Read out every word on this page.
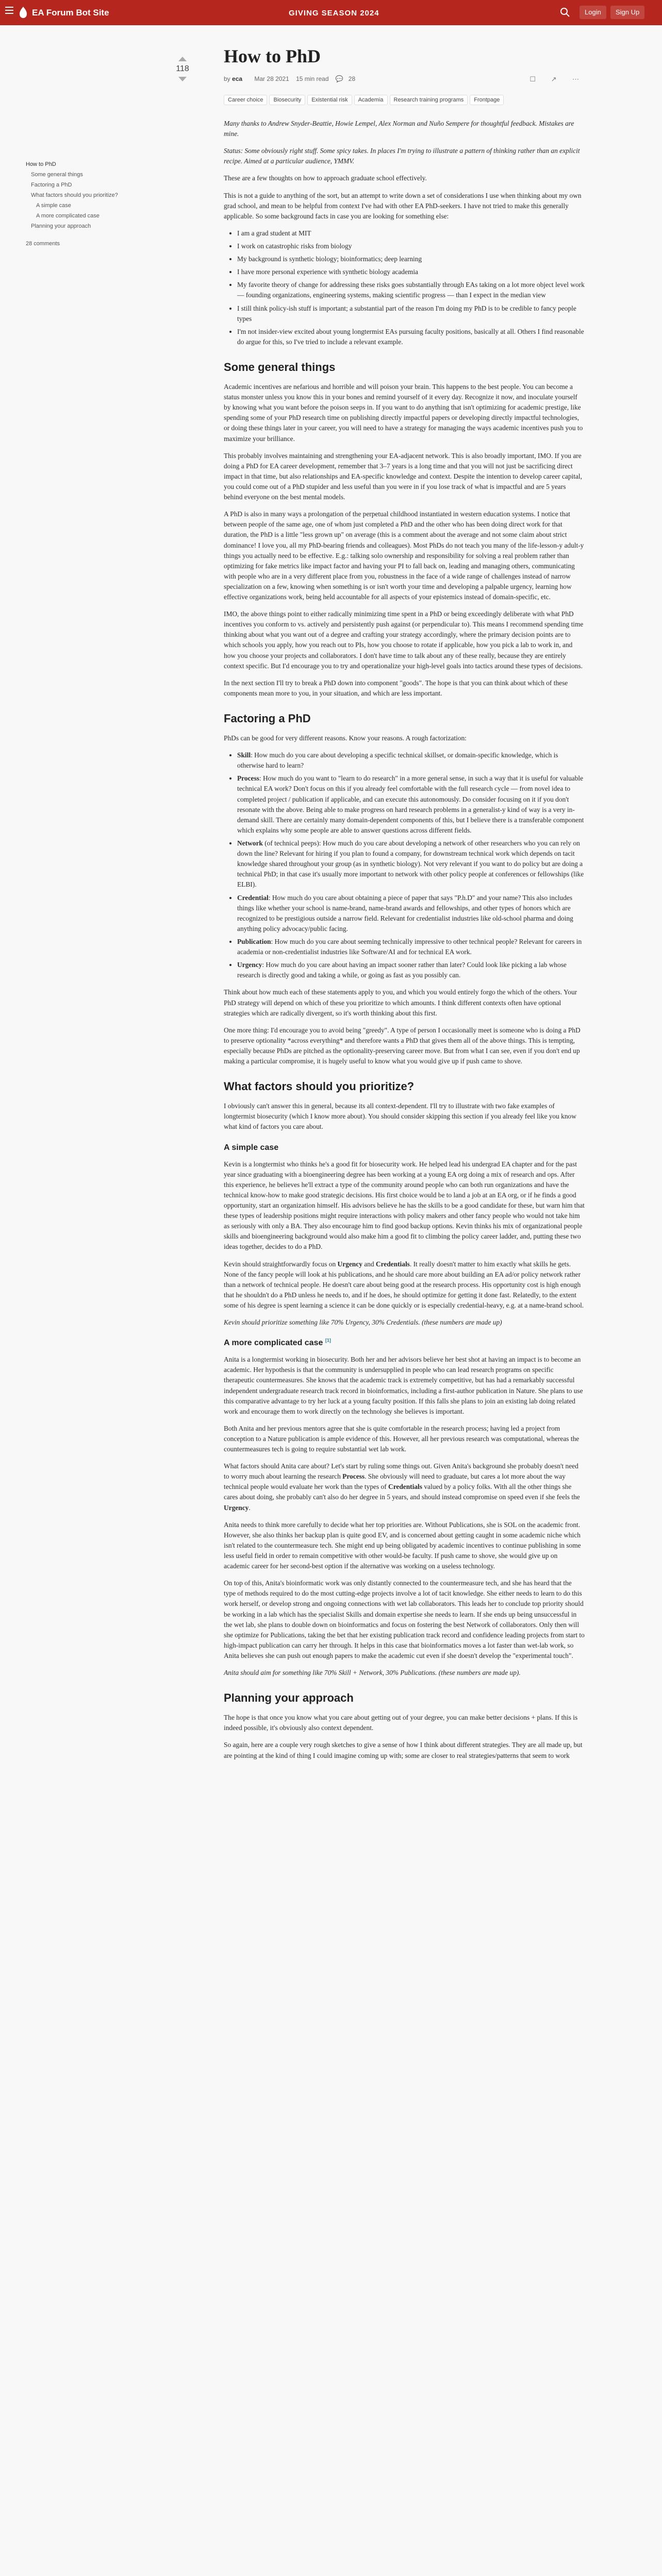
EA Forum Bot Site	GIVING SEASON 2024	Login	Sign Up
How to PhD
Some general things
Factoring a PhD
What factors should you prioritize?
A simple case
A more complicated case
Planning your approach
28 comments
118
How to PhD
by eca Mar 28 2021 15 min read 💬 28	☐ ↗ ⋯
Career choice Biosecurity Existential risk Academia Research training programs Frontpage

Many thanks to Andrew Snyder-Beattie, Howie Lempel, Alex Norman and Nuño Sempere for thoughtful feedback. Mistakes are mine.

Status: Some obviously right stuff. Some spicy takes. In places I'm trying to illustrate a pattern of thinking rather than an explicit recipe. Aimed at a particular audience, YMMV.

These are a few thoughts on how to approach graduate school effectively.

This is not a guide to anything of the sort, but an attempt to write down a set of considerations I use when thinking about my own grad school, and mean to be helpful from context I've had with other EA PhD-seekers. I have not tried to make this generally applicable. So some background facts in case you are looking for something else:

• I am a grad student at MIT
• I work on catastrophic risks from biology
• My background is synthetic biology; bioinformatics; deep learning
• I have more personal experience with synthetic biology academia
• My favorite theory of change for addressing these risks goes substantially through EAs taking on a lot more object level work — founding organizations, engineering systems, making scientific progress — than I expect in the median view
• I still think policy-ish stuff is important; a substantial part of the reason I'm doing my PhD is to be credible to fancy people types
• I'm not insider-view excited about young longtermist EAs pursuing faculty positions, basically at all. Others I find reasonable do argue for this, so I've tried to include a relevant example.
Some general things

Academic incentives are nefarious and horrible and will poison your brain. This happens to the best people. You can become a status monster unless you know this in your bones and remind yourself of it every day. Recognize it now, and inoculate yourself by knowing what you want before the poison seeps in. If you want to do anything that isn't optimizing for academic prestige, like spending some of your PhD research time on publishing directly impactful papers or developing directly impactful technologies, or doing these things later in your career, you will need to have a strategy for managing the ways academic incentives push you to maximize your brilliance.

This probably involves maintaining and strengthening your EA-adjacent network. This is also broadly important, IMO. If you are doing a PhD for EA career development, remember that 3–7 years is a long time and that you will not just be sacrificing direct impact in that time, but also relationships and EA-specific knowledge and context. Despite the intention to develop career capital, you could come out of a PhD stupider and less useful than you were in if you lose track of what is impactful and are 5 years behind everyone on the best mental models.

A PhD is also in many ways a prolongation of the perpetual childhood instantiated in western education systems. I notice that between people of the same age, one of whom just completed a PhD and the other who has been doing direct work for that duration, the PhD is a little "less grown up" on average (this is a comment about the average and not some claim about strict dominance! I love you, all my PhD-bearing friends and colleagues). Most PhDs do not teach you many of the life-lesson-y adult-y things you actually need to be effective. E.g.: talking solo ownership and responsibility for solving a real problem rather than optimizing for fake metrics like impact factor and having your PI to fall back on, leading and managing others, communicating with people who are in a very different place from you, robustness in the face of a wide range of challenges instead of narrow specialization on a few, knowing when something is or isn't worth your time and developing a palpable urgency, learning how effective organizations work, being held accountable for all aspects of your epistemics instead of domain-specific, etc.

IMO, the above things point to either radically minimizing time spent in a PhD or being exceedingly deliberate with what PhD incentives you conform to vs. actively and persistently push against (or perpendicular to). This means I recommend spending time thinking about what you want out of a degree and crafting your strategy accordingly, where the primary decision points are to which schools you apply, how you reach out to PIs, how you choose to rotate if applicable, how you pick a lab to work in, and how you choose your projects and collaborators. I don't have time to talk about any of these really, because they are entirely context specific. But I'd encourage you to try and operationalize your high-level goals into tactics around these types of decisions.

In the next section I'll try to break a PhD down into component "goods". The hope is that you can think about which of these components mean more to you, in your situation, and which are less important.

Factoring a PhD

PhDs can be good for very different reasons. Know your reasons. A rough factorization:

• Skill: How much do you care about developing a specific technical skillset, or domain-specific knowledge, which is otherwise hard to learn?
• Process: How much do you want to "learn to do research" in a more general sense, in such a way that it is useful for valuable technical EA work? Don't focus on this if you already feel comfortable with the full research cycle — from novel idea to completed project / publication if applicable, and can execute this autonomously. Do consider focusing on it if you don't resonate with the above. Being able to make progress on hard research problems in a generalist-y kind of way is a very in-demand skill. There are certainly many domain-dependent components of this, but I believe there is a transferable component which explains why some people are able to answer questions across different fields.
• Network (of technical peeps): How much do you care about developing a network of other researchers who you can rely on down the line? Relevant for hiring if you plan to found a company, for downstream technical work which depends on tacit knowledge shared throughout your group (as in synthetic biology). Not very relevant if you want to do policy but are doing a technical PhD; in that case it's usually more important to network with other policy people at conferences or fellowships (like ELBI).
• Credential: How much do you care about obtaining a piece of paper that says "P.h.D" and your name? This also includes things like whether your school is name-brand, name-brand awards and fellowships, and other types of honors which are recognized to be prestigious outside a narrow field. Relevant for credentialist industries like old-school pharma and doing anything policy advocacy/public facing.
• Publication: How much do you care about seeming technically impressive to other technical people? Relevant for careers in academia or non-credentialist industries like Software/AI and for technical EA work.
• Urgency: How much do you care about having an impact sooner rather than later? Could look like picking a lab whose research is directly good and taking a while, or going as fast as you possibly can.

Think about how much each of these statements apply to you, and which you would entirely forgo the which of the others. Your PhD strategy will depend on which of these you prioritize to which amounts. I think different contexts often have optional strategies which are radically divergent, so it's worth thinking about this first.

One more thing: I'd encourage you to avoid being "greedy". A type of person I occasionally meet is someone who is doing a PhD to preserve optionality *across everything* and therefore wants a PhD that gives them all of the above things. This is tempting, especially because PhDs are pitched as the optionality-preserving career move. But from what I can see, even if you don't end up making a particular compromise, it is hugely useful to know what you would give up if push came to shove.

What factors should you prioritize?

I obviously can't answer this in general, because its all context-dependent. I'll try to illustrate with two fake examples of longtermist biosecurity (which I know more about). You should consider skipping this section if you already feel like you know what kind of factors you care about.

A simple case

Kevin is a longtermist who thinks he's a good fit for biosecurity work. He helped lead his undergrad EA chapter and for the past year since graduating with a bioengineering degree has been working at a young EA org doing a mix of research and ops. After this experience, he believes he'll extract a type of the community around people who can both run organizations and have the technical know-how to make good strategic decisions. His first choice would be to land a job at an EA org, or if he finds a good opportunity, start an organization himself. His advisors believe he has the skills to be a good candidate for these, but warn him that these types of leadership positions might require interactions with policy makers and other fancy people who would not take him as seriously with only a BA. They also encourage him to find good backup options. Kevin thinks his mix of organizational people skills and bioengineering background would also make him a good fit to climbing the policy career ladder, and, putting these two ideas together, decides to do a PhD.

Kevin should straightforwardly focus on Urgency and Credentials. It really doesn't matter to him exactly what skills he gets. None of the fancy people will look at his publications, and he should care more about building an EA ad/or policy network rather than a network of technical people. He doesn't care about being good at the research process. His opportunity cost is high enough that he shouldn't do a PhD unless he needs to, and if he does, he should optimize for getting it done fast. Relatedly, to the extent some of his degree is spent learning a science it can be done quickly or is especially credential-heavy, e.g. at a name-brand school.

Kevin should prioritize something like 70% Urgency, 30% Credentials. (these numbers are made up)

A more complicated case [1]

Anita is a longtermist working in biosecurity. Both her and her advisors believe her best shot at having an impact is to become an academic. Her hypothesis is that the community is undersupplied in people who can lead research programs on specific therapeutic countermeasures. She knows that the academic track is extremely competitive, but has had a remarkably successful independent undergraduate research track record in bioinformatics, including a first-author publication in Nature. She plans to use this comparative advantage to try her luck at a young faculty position. If this falls she plans to join an existing lab doing related work and encourage them to work directly on the technology she believes is important.

Both Anita and her previous mentors agree that she is quite comfortable in the research process; having led a project from conception to a Nature publication is ample evidence of this. However, all her previous research was computational, whereas the countermeasures tech is going to require substantial wet lab work.

What factors should Anita care about? Let's start by ruling some things out. Given Anita's background she probably doesn't need to worry much about learning the research Process. She obviously will need to graduate, but cares a lot more about the way technical people would evaluate her work than the types of Credentials valued by a policy folks. With all the other things she cares about doing, she probably can't also do her degree in 5 years, and should instead compromise on speed even if she feels the Urgency.

Anita needs to think more carefully to decide what her top priorities are. Without Publications, she is SOL on the academic front. However, she also thinks her backup plan is quite good EV, and is concerned about getting caught in some academic niche which isn't related to the countermeasure tech. She might end up being obligated by academic incentives to continue publishing in some less useful field in order to remain competitive with other would-be faculty. If push came to shove, she would give up on academic career for her second-best option if the alternative was working on a useless technology.

On top of this, Anita's bioinformatic work was only distantly connected to the countermeasure tech, and she has heard that the type of methods required to do the most cutting-edge projects involve a lot of tacit knowledge. She either needs to learn to do this work herself, or develop strong and ongoing connections with wet lab collaborators. This leads her to conclude top priority should be working in a lab which has the specialist Skills and domain expertise she needs to learn. If she ends up being unsuccessful in the wet lab, she plans to double down on bioinformatics and focus on fostering the best Network of collaborators. Only then will she optimize for Publications, taking the bet that her existing publication track record and confidence leading projects from start to high-impact publication can carry her through. It helps in this case that bioinformatics moves a lot faster than wet-lab work, so Anita believes she can push out enough papers to make the academic cut even if she doesn't develop the "experimental touch".

Anita should aim for something like 70% Skill + Network, 30% Publications. (these numbers are made up).

Planning your approach

The hope is that once you know what you care about getting out of your degree, you can make better decisions + plans. If this is indeed possible, it's obviously also context dependent.

So again, here are a couple very rough sketches to give a sense of how I think about different strategies. They are all made up, but are pointing at the kind of thing I could imagine coming up with; some are closer to real strategies/patterns that seem to work
